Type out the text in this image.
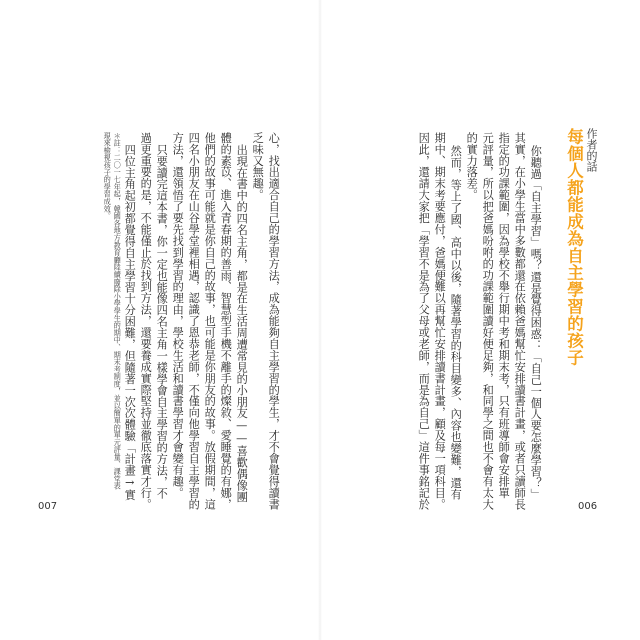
＊註：二〇一七年起，韓國各地方教育廳陸續廢除小學學生的期中、期末考制度，並以簡單的單元評量、課堂表
現來檢視孩子的學習成效。	心，找出適合自己的學習方法，成為能夠自主學習的學生，才不會覺得讀書
乏味又無趣。
出現在書中的四名主角，都是在生活周遭常見的小朋友——喜歡偶像團
體的素苡、進入青春期的善雨、智慧型手機不離手的燦敘、愛睡覺的有娜，
他們的故事可能就是你自己的故事，也可能是你朋友的故事。放假期間，這
四名小朋友在山谷學堂裡相遇，認識了恩恭老師，不僅向他學習自主學習的
方法，還領悟了要先找到學習的理由，學校生活和讀書學習才會變有趣。
只要讀完這本書，你一定也能像四名主角一樣學會自主學習的方法，不
過更重要的是，不能僅止於找到方法，還要養成實際堅持並徹底落實才行。
四位主角起初都覺得自主學習十分困難，但隨著一次次體驗「計畫→實
007
作者的話
每個人都能成為自主學習的孩子
你聽過「自主學習」嗎？還是覺得困惑：「自己一個人要怎麼學習？」
其實，在小學生當中多數都還在依賴爸媽幫忙安排讀書計畫，或者只讀師長
指定的功課範圍，因為學校不舉行期中考和期末考，只有班導師會安排單
元評量，所以把爸媽吩咐的功課範圍讀好便足夠，和同學之間也不會有太大
的實力落差。
然而，等上了國、高中以後，隨著學習的科目變多、內容也變難，還有
期中、期末考要應付，爸媽便難以再幫忙安排讀書計畫，顧及每一項科目。
因此，還請大家把「學習不是為了父母或老師，而是為自己」這件事銘記於	006
